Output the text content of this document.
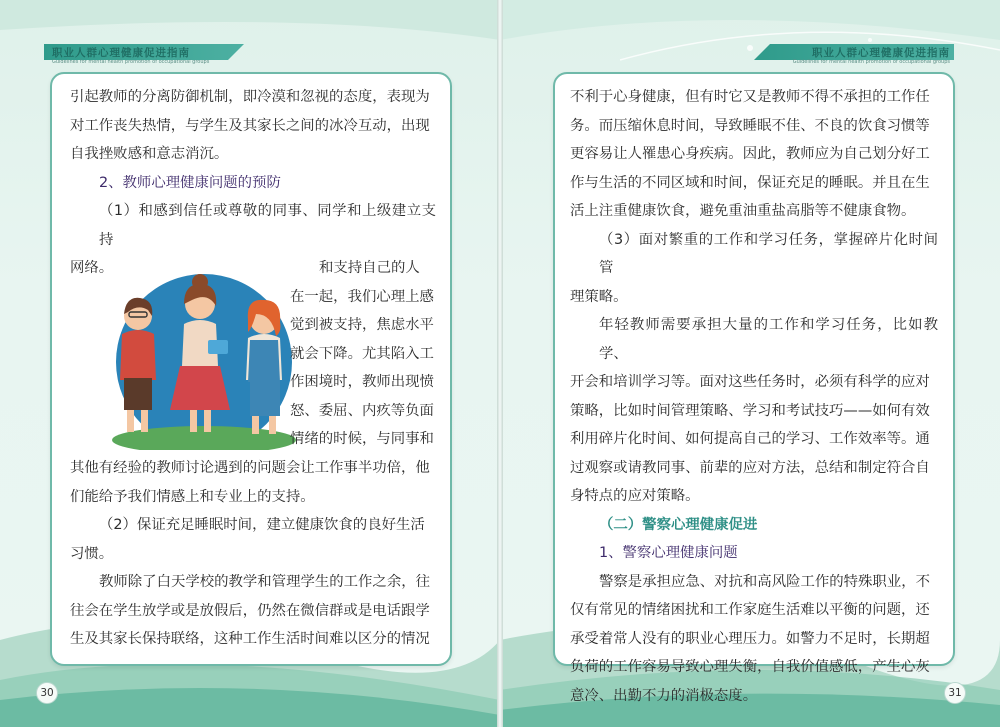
职业人群心理健康促进指南
Guidelines for mental health promotion of occupational groups
引起教师的分离防御机制，即冷漠和忽视的态度，表现为
对工作丧失热情，与学生及其家长之间的冰冷互动，出现
自我挫败感和意志消沉。
2、教师心理健康问题的预防
（1）和感到信任或尊敬的同事、同学和上级建立支持
网络。	和支持自己的人
在一起，我们心理上感
觉到被支持，焦虑水平
就会下降。尤其陷入工
作困境时，教师出现愤
怒、委屈、内疚等负面
情绪的时候，与同事和
其他有经验的教师讨论遇到的问题会让工作事半功倍，他
们能给予我们情感上和专业上的支持。
（2）保证充足睡眠时间，建立健康饮食的良好生活
习惯。
教师除了白天学校的教学和管理学生的工作之余，往
往会在学生放学或是放假后，仍然在微信群或是电话跟学
生及其家长保持联络，这种工作生活时间难以区分的情况
30
职业人群心理健康促进指南
Guidelines for mental health promotion of occupational groups
不利于心身健康，但有时它又是教师不得不承担的工作任
务。而压缩休息时间，导致睡眠不佳、不良的饮食习惯等
更容易让人罹患心身疾病。因此，教师应为自己划分好工
作与生活的不同区域和时间，保证充足的睡眠。并且在生
活上注重健康饮食，避免重油重盐高脂等不健康食物。
（3）面对繁重的工作和学习任务，掌握碎片化时间管
理策略。
年轻教师需要承担大量的工作和学习任务，比如教学、
开会和培训学习等。面对这些任务时，必须有科学的应对
策略，比如时间管理策略、学习和考试技巧——如何有效
利用碎片化时间、如何提高自己的学习、工作效率等。通
过观察或请教同事、前辈的应对方法，总结和制定符合自
身特点的应对策略。
（二）警察心理健康促进
1、警察心理健康问题
警察是承担应急、对抗和高风险工作的特殊职业，不
仅有常见的情绪困扰和工作家庭生活难以平衡的问题，还
承受着常人没有的职业心理压力。如警力不足时，长期超
负荷的工作容易导致心理失衡，自我价值感低，产生心灰
意冷、出勤不力的消极态度。	31
